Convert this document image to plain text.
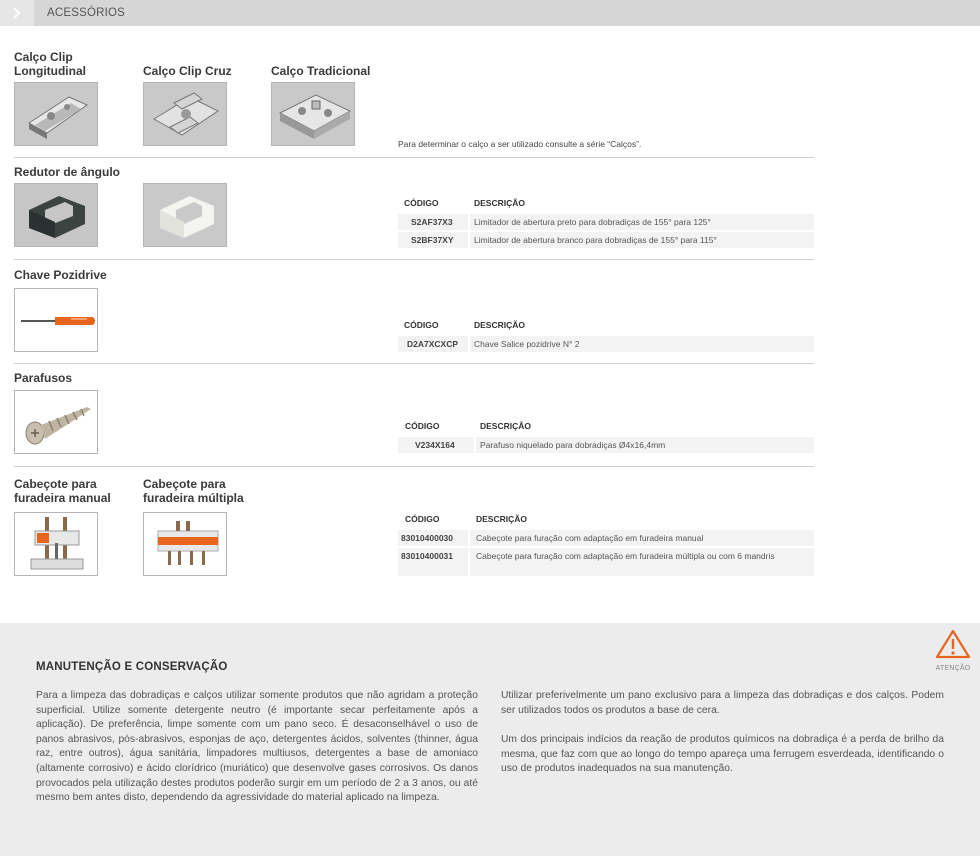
ACESSÓRIOS
Calço Clip Longitudinal	Calço Clip Cruz	Calço Tradicional
Para determinar o calço a ser utilizado consulte a série “Calços”.
Redutor de ângulo
CÓDIGO	DESCRIÇÃO
S2AF37X3	Limitador de abertura preto para dobradiças de 155° para 125°
S2BF37XY Limitador de abertura branco para dobradiças de 155° para 115°
Chave Pozidrive
CÓDIGO	DESCRIÇÃO
D2A7XCXCP Chave Salice pozidrive N° 2
Parafusos
CÓDIGO	DESCRIÇÃO
V234X164	Parafuso niquelado para dobradiças Ø4x16,4mm
Cabeçote para furadeira manual
Cabeçote para furadeira múltipla
CÓDIGO	DESCRIÇÃO
83010400030	Cabeçote para furação com adaptação em furadeira manual
83010400031	Cabeçote para furação com adaptação em furadeira múltipla ou com 6 mandris
ATENÇÃO
MANUTENÇÃO E CONSERVAÇÃO
Para a limpeza das dobradiças e calços utilizar somente produtos que não agridam a proteção superficial. Utilize somente detergente neutro (é importante secar perfeitamente após a aplicação). De preferência, limpe somente com um pano seco. É desaconselhável o uso de panos abrasivos, pós-abrasivos, esponjas de aço, detergentes ácidos, solventes (thinner, água raz, entre outros), água sanitária, limpadores multiusos, detergentes a base de amoniaco (altamente corrosivo) e ácido clorídrico (muriático) que desenvolve gases corrosivos. Os danos provocados pela utilização destes produtos poderão surgir em um período de 2 a 3 anos, ou até mesmo bem antes disto, dependendo da agressividade do material aplicado na limpeza.
Utilizar preferivelmente um pano exclusivo para a limpeza das dobradiças e dos calços. Podem ser utilizados todos os produtos a base de cera.
Um dos principais indícios da reação de produtos químicos na dobradiça é a perda de brilho da mesma, que faz com que ao longo do tempo apareça uma ferrugem esverdeada, identificando o uso de produtos inadequados na sua manutenção.
